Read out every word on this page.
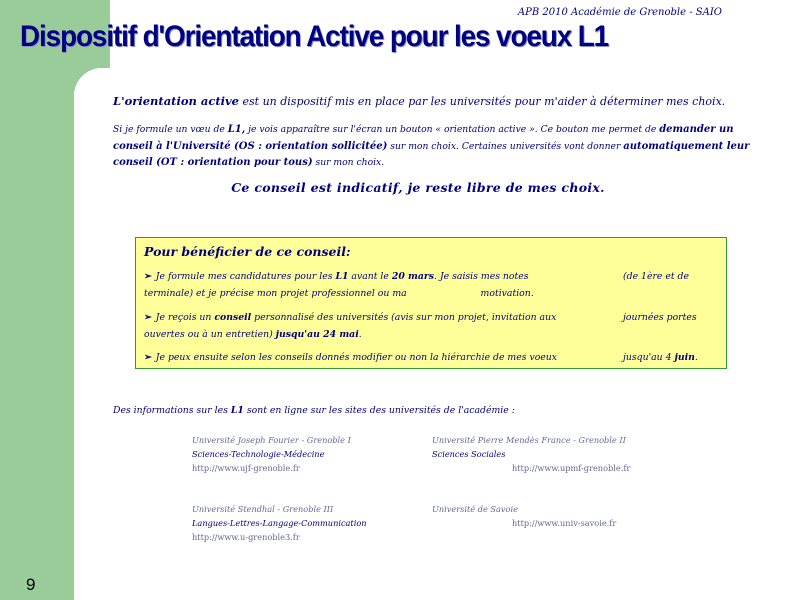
APB 2010 Académie de Grenoble - SAIO
Dispositif d'Orientation Active pour les voeux L1
L'orientation active est un dispositif mis en place par les universités pour m'aider à déterminer mes choix.
Si je formule un vœu de L1, je vois apparaître sur l'écran un bouton « orientation active ». Ce bouton me permet de demander un conseil à l'Université (OS : orientation sollicitée) sur mon choix. Certaines universités vont donner automatiquement leur conseil (OT : orientation pour tous) sur mon choix.
Ce conseil est indicatif, je reste libre de mes choix.
Pour bénéficier de ce conseil:
➢ Je formule mes candidatures pour les L1 avant le 20 mars. Je saisis mes notes	(de 1ère et de

terminale) et je précise mon projet professionnel ou ma                         motivation.
➢ Je reçois un conseil personnalisé des universités (avis sur mon projet, invitation aux	journées portes

ouvertes ou à un entretien) jusqu'au 24 mai.
➢ Je peux ensuite selon les conseils donnés modifier ou non la hiérarchie de mes voeux	jusqu'au 4 juin.
Des informations sur les L1 sont en ligne sur les sites des universités de l'académie :
Université Joseph Fourier - Grenoble I
Sciences-Technologie-Médecine
http://www.ujf-grenoble.fr
Université Pierre Mendès France - Grenoble II
Sciences Sociales
http://www.upmf-grenoble.fr
Université Stendhal - Grenoble III
Langues-Lettres-Langage-Communication
http://www.u-grenoble3.fr
Université de Savoie
http://www.univ-savoie.fr
9
